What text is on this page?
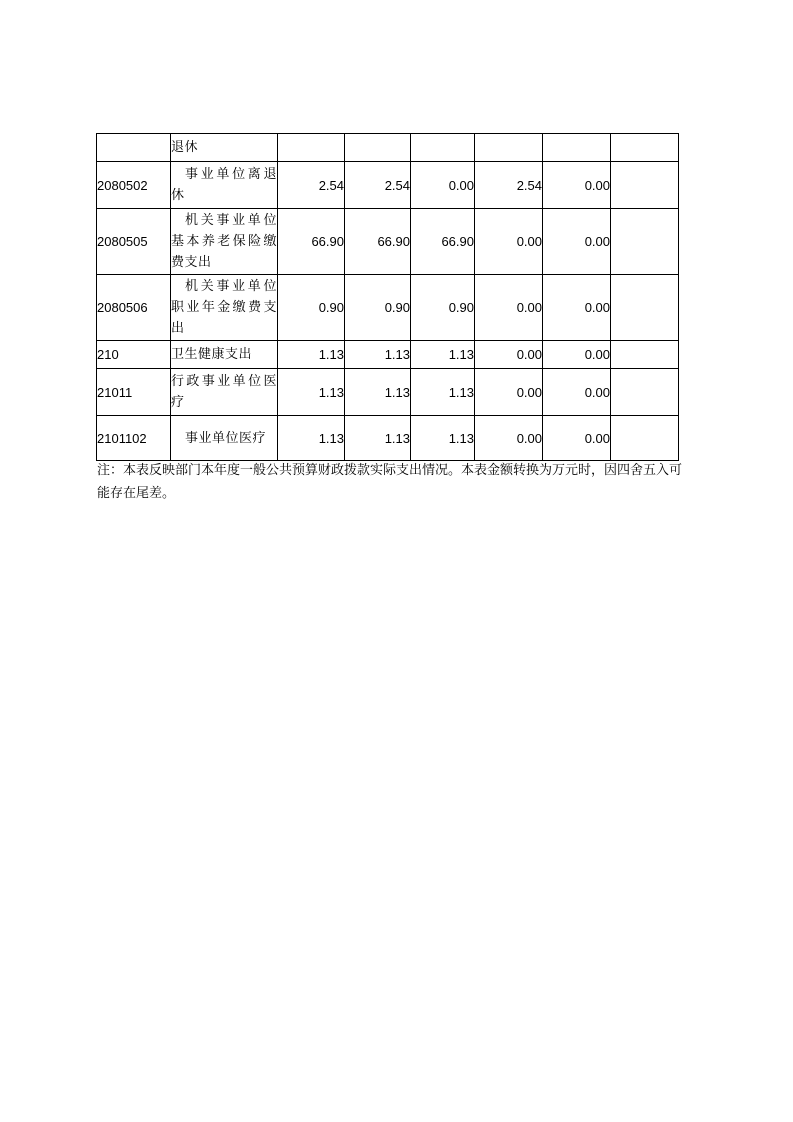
	退休						
2080502	事业单位离退休	2.54	2.54	0.00	2.54	0.00	
2080505	机关事业单位基本养老保险缴费支出	66.90	66.90	66.90	0.00	0.00	
2080506	机关事业单位职业年金缴费支出	0.90	0.90	0.90	0.00	0.00	
210	卫生健康支出	1.13	1.13	1.13	0.00	0.00	
21011	行政事业单位医疗	1.13	1.13	1.13	0.00	0.00	
2101102	事业单位医疗	1.13	1.13	1.13	0.00	0.00	

注：本表反映部门本年度一般公共预算财政拨款实际支出情况。本表金额转换为万元时，因四舍五入可能存在尾差。
